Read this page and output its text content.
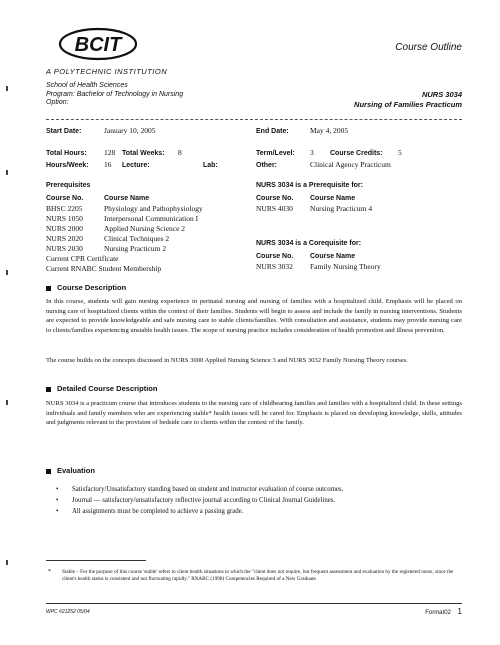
BCIT
A POLYTECHNIC INSTITUTION
Course Outline
School of Health Sciences
Program: Bachelor of Technology in Nursing
Option:
NURS 3034
Nursing of Families Practicum
Start Date:	January 10, 2005	End Date:	May 4, 2005
Total Hours: 128 Total Weeks: 8	Term/Level: 3 Course Credits: 5
Hours/Week: 16 Lecture:	Lab:	Other:	Clinical Agency Practicum
Prerequisites
Course No.	Course Name
BHSC 2205	Physiology and Pathophysiology
NURS 1050	Interpersonal Communication I
NURS 2000	Applied Nursing Science 2
NURS 2020	Clinical Techniques 2
NURS 2030	Nursing Practicum 2
Current CPR Certificate
Current RNABC Student Membership
NURS 3034 is a Prerequisite for:
Course No. Course Name
NURS 4030 Nursing Practicum 4
NURS 3034 is a Corequisite for:
Course No. Course Name
NURS 3032 Family Nursing Theory
Course Description
In this course, students will gain nursing experience in perinatal nursing and nursing of families with a hospitalized child. Emphasis will be placed on nursing care of hospitalized clients within the context of their families. Students will begin to assess and include the family in nursing interventions. Students are expected to provide knowledgeable and safe nursing care to stable clients/families. With consultation and assistance, students may provide nursing care to clients/families experiencing unstable health issues. The scope of nursing practice includes consideration of health promotion and illness prevention.
The course builds on the concepts discussed in NURS 3000 Applied Nursing Science 3 and NURS 3032 Family Nursing Theory courses.
Detailed Course Description
NURS 3034 is a practicum course that introduces students to the nursing care of childbearing families and families with a hospitalized child. In these settings individuals and family members who are experiencing stable* health issues will be cared for. Emphasis is placed on developing knowledge, skills, attitudes and judgments relevant to the provision of bedside care to clients within the context of the family.
Evaluation
• Satisfactory/Unsatisfactory standing based on student and instructor evaluation of course outcomes.
• Journal — satisfactory/unsatisfactory reflective journal according to Clinical Journal Guidelines.
• All assignments must be completed to achieve a passing grade.
* Stable – For the purpose of this course 'stable' refers to client health situations in which the "client does not require, but frequent assessment and evaluation by the registered nurse, since the client's health status is consistent and not fluctuating rapidly." RNABC (1998) Competencies Required of a New Graduate.
WPC #21252 05/04	Format02 1
